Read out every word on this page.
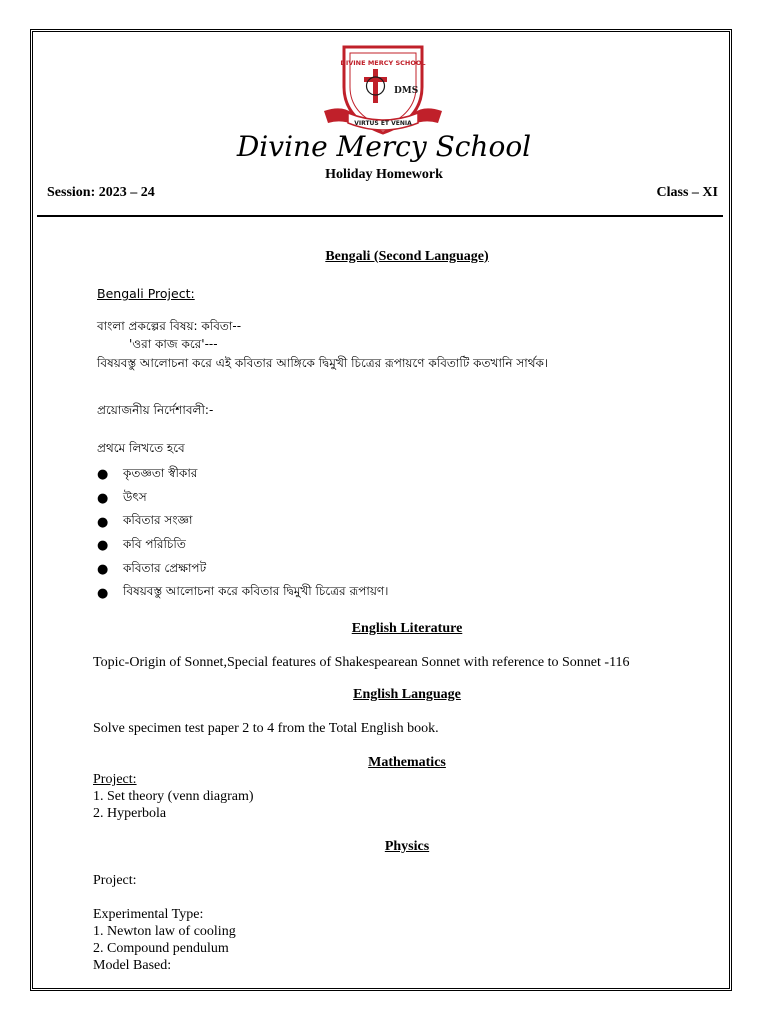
DIVINE MERCY SCHOOL
DMS
VIRTUS ET VENIA
Divine Mercy School
Holiday Homework
Session: 2023 – 24	Class – XI
Bengali (Second Language)
Bengali Project:
বাংলা প্রকল্পের বিষয়: কবিতা--
'ওরা কাজ করে'---
বিষয়বস্তু আলোচনা করে এই কবিতার আঙ্গিকে দ্বিমুখী চিত্রের রূপায়ণে কবিতাটি কতখানি সার্থক।
প্রয়োজনীয় নির্দেশাবলী:-
প্রথমে লিখতে হবে
●	কৃতজ্ঞতা স্বীকার
●	উৎস
●	কবিতার সংজ্ঞা
●	কবি পরিচিতি
●	কবিতার প্রেক্ষাপট
●	বিষয়বস্তু আলোচনা করে কবিতার দ্বিমুখী চিত্রের রূপায়ণ।
English Literature
Topic-Origin of Sonnet,Special features of Shakespearean Sonnet with reference to Sonnet -116
English Language
Solve specimen test paper 2 to 4 from the Total English book.
Mathematics
Project:
1. Set theory (venn diagram)
2. Hyperbola
Physics
Project:
Experimental Type:
1. Newton law of cooling
2. Compound pendulum
Model Based:
